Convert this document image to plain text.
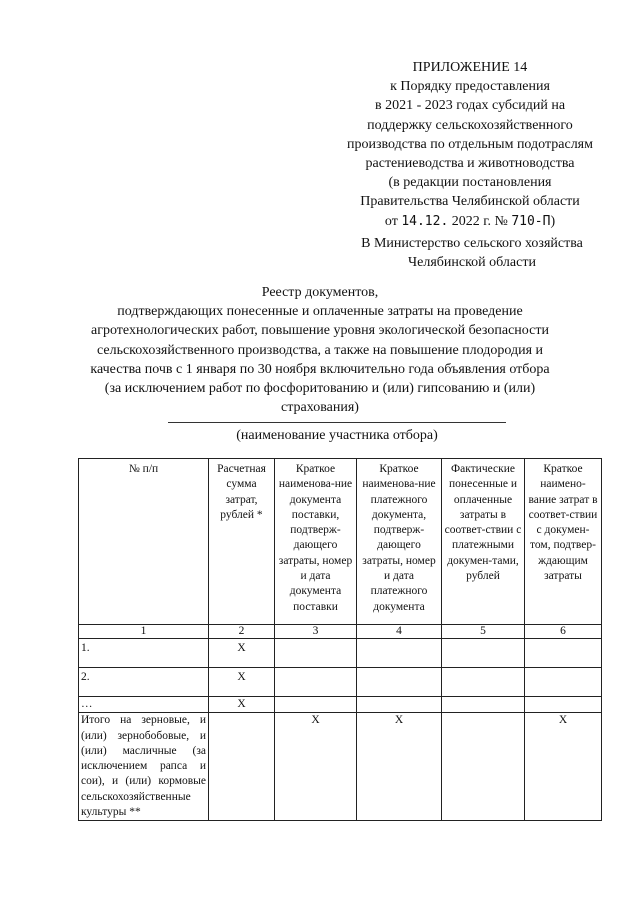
ПРИЛОЖЕНИЕ 14
к Порядку предоставления
в 2021 - 2023 годах субсидий на
поддержку сельскохозяйственного
производства по отдельным подотраслям
растениеводства и животноводства
(в редакции постановления
Правительства Челябинской области
от 14.12. 2022 г. № 710-П)
В Министерство сельского хозяйства
Челябинской области
Реестр документов,
подтверждающих понесенные и оплаченные затраты на проведение
агротехнологических работ, повышение уровня экологической безопасности
сельскохозяйственного производства, а также на повышение плодородия и
качества почв с 1 января по 30 ноября включительно года объявления отбора
(за исключением работ по фосфоритованию и (или) гипсованию и (или)
страхования)
(наименование участника отбора)
№ п/п	Расчетная сумма затрат, рублей *	Краткое наименова-ние документа поставки, подтверж-дающего затраты, номер и дата документа поставки	Краткое наименова-ние платежного документа, подтверж-дающего затраты, номер и дата платежного документа	Фактические понесенные и оплаченные затраты в соответ-ствии с платежными докумен-тами, рублей	Краткое наимено-вание затрат в соответ-ствии с докумен-том, подтвер-ждающим затраты
1	2	3	4	5	6
1.	X				
2.	X				
…	X				
Итого на зерновые, и (или) зернобобовые, и (или) масличные (за исключением рапса и сои), и (или) кормовые сельскохозяйственные культуры **		X	X		X
